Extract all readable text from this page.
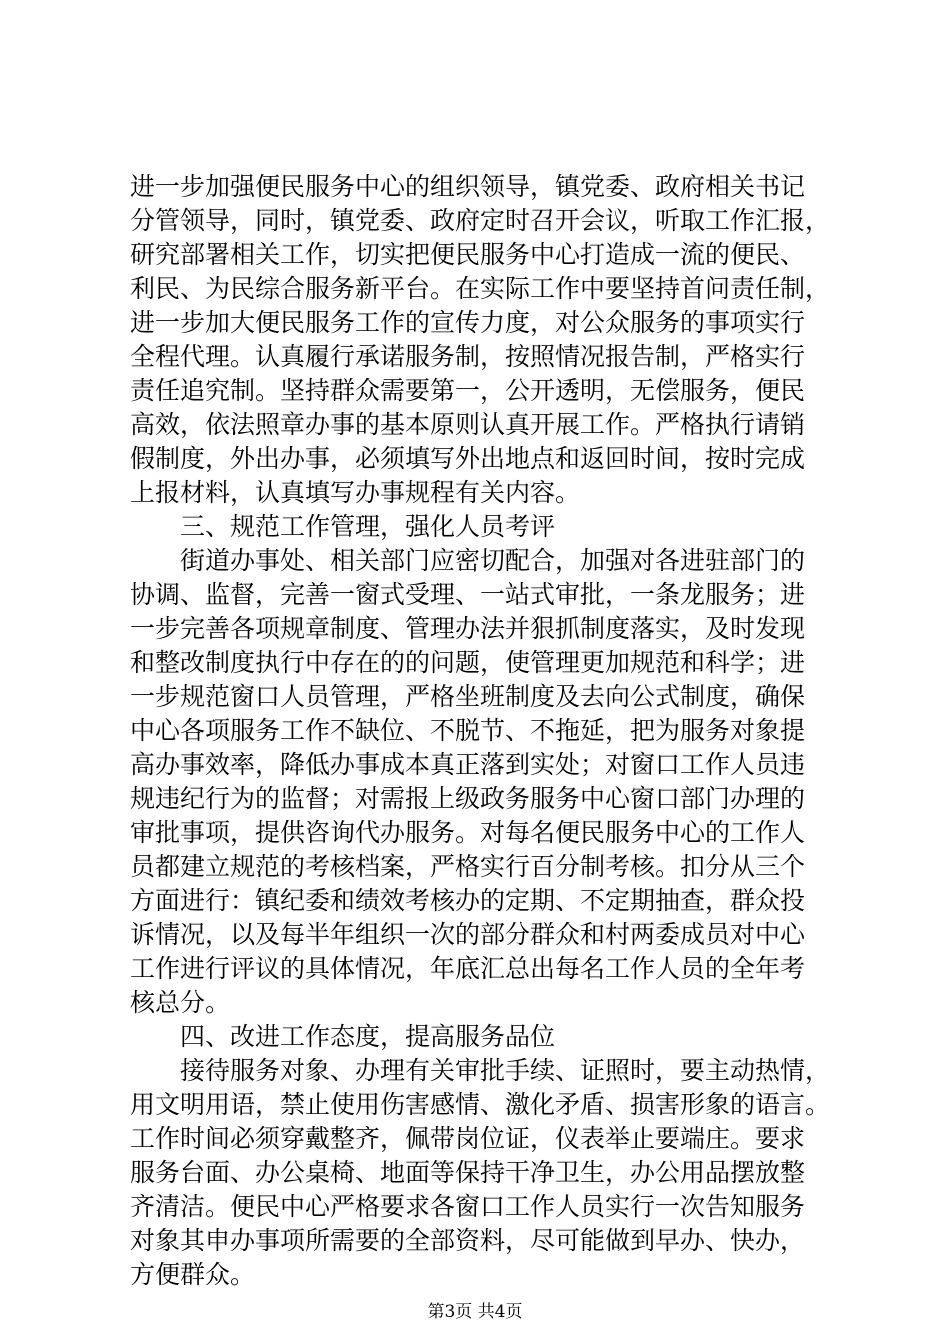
进一步加强便民服务中心的组织领导，镇党委、政府相关书记
分管领导，同时，镇党委、政府定时召开会议，听取工作汇报，
研究部署相关工作，切实把便民服务中心打造成一流的便民、
利民、为民综合服务新平台。在实际工作中要坚持首问责任制，
进一步加大便民服务工作的宣传力度，对公众服务的事项实行
全程代理。认真履行承诺服务制，按照情况报告制，严格实行
责任追究制。坚持群众需要第一，公开透明，无偿服务，便民
高效，依法照章办事的基本原则认真开展工作。严格执行请销
假制度，外出办事，必须填写外出地点和返回时间，按时完成
上报材料，认真填写办事规程有关内容。
三、规范工作管理，强化人员考评
街道办事处、相关部门应密切配合，加强对各进驻部门的
协调、监督，完善一窗式受理、一站式审批，一条龙服务；进
一步完善各项规章制度、管理办法并狠抓制度落实，及时发现
和整改制度执行中存在的的问题，使管理更加规范和科学；进
一步规范窗口人员管理，严格坐班制度及去向公式制度，确保
中心各项服务工作不缺位、不脱节、不拖延，把为服务对象提
高办事效率，降低办事成本真正落到实处；对窗口工作人员违
规违纪行为的监督；对需报上级政务服务中心窗口部门办理的
审批事项，提供咨询代办服务。对每名便民服务中心的工作人
员都建立规范的考核档案，严格实行百分制考核。扣分从三个
方面进行：镇纪委和绩效考核办的定期、不定期抽查，群众投
诉情况，以及每半年组织一次的部分群众和村两委成员对中心
工作进行评议的具体情况，年底汇总出每名工作人员的全年考
核总分。
四、改进工作态度，提高服务品位
接待服务对象、办理有关审批手续、证照时，要主动热情，
用文明用语，禁止使用伤害感情、激化矛盾、损害形象的语言。
工作时间必须穿戴整齐，佩带岗位证，仪表举止要端庄。要求
服务台面、办公桌椅、地面等保持干净卫生，办公用品摆放整
齐清洁。便民中心严格要求各窗口工作人员实行一次告知服务
对象其申办事项所需要的全部资料，尽可能做到早办、快办，
方便群众。
第3页 共4页
